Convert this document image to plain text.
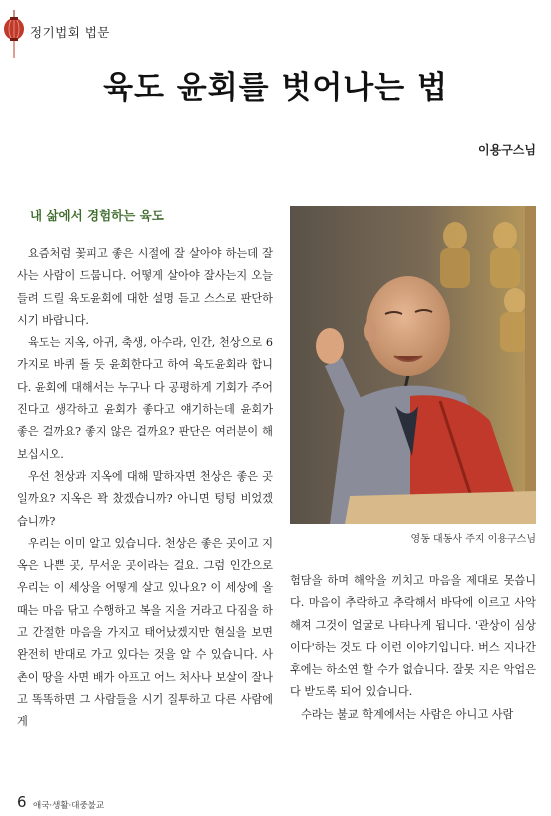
정기법회 법문
육도 윤회를 벗어나는 법
이용구스님
내 삶에서 경험하는 육도

요즘처럼 꽃피고 좋은 시절에 잘 살아야 하는데 잘사는 사람이 드뭅니다. 어떻게 살아야 잘사는지 오늘 들려 드릴 육도윤회에 대한 설명 듣고 스스로 판단하시기 바랍니다.

육도는 지옥, 아귀, 축생, 아수라, 인간, 천상으로 6가지로 바퀴 돌 듯 윤회한다고 하여 육도윤회라 합니다. 윤회에 대해서는 누구나 다 공평하게 기회가 주어진다고 생각하고 윤회가 좋다고 얘기하는데 윤회가 좋은 걸까요? 좋지 않은 걸까요? 판단은 여러분이 해보십시오.

우선 천상과 지옥에 대해 말하자면 천상은 좋은 곳일까요? 지옥은 꽉 찼겠습니까? 아니면 텅텅 비었겠습니까?

우리는 이미 알고 있습니다. 천상은 좋은 곳이고 지옥은 나쁜 곳, 무서운 곳이라는 걸요. 그럼 인간으로 우리는 이 세상을 어떻게 살고 있나요? 이 세상에 올 때는 마음 닦고 수행하고 복을 지을 거라고 다짐을 하고 간절한 마음을 가지고 태어났겠지만 현실을 보면 완전히 반대로 가고 있다는 것을 알 수 있습니다. 사촌이 땅을 사면 배가 아프고 어느 처사나 보살이 잘나고 똑똑하면 그 사람들을 시기 질투하고 다른 사람에게

영동 대동사 주지 이용구스님

험담을 하며 해악을 끼치고 마음을 제대로 못씁니다. 마음이 추락하고 추락해서 바닥에 이르고 사악해져 그것이 얼굴로 나타나게 됩니다. '관상이 심상이다'하는 것도 다 이런 이야기입니다. 버스 지나간 후에는 하소연 할 수가 없습니다. 잘못 지은 악업은 다 받도록 되어 있습니다.

수라는 불교 학계에서는 사람은 아니고 사람

6 애국·생활·대중불교
